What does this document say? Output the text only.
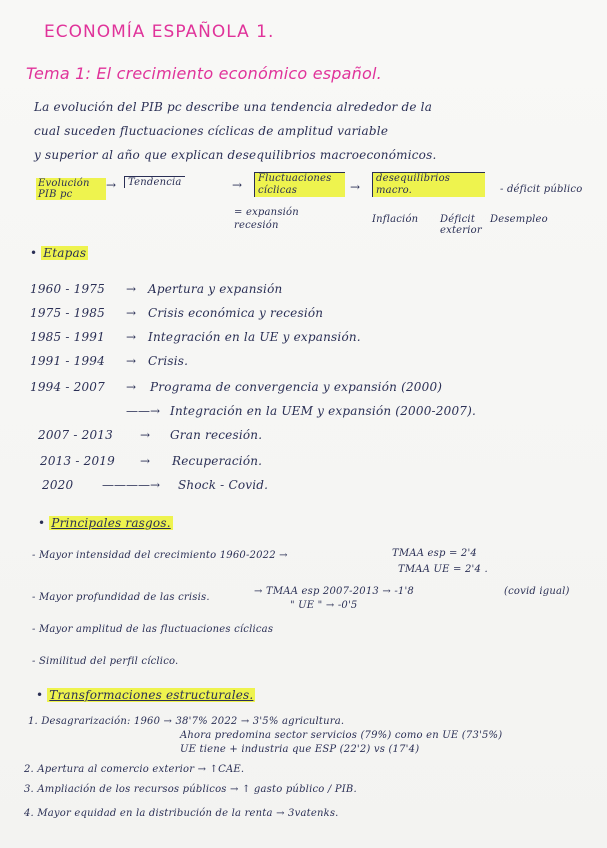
ECONOMÍA ESPAÑOLA 1.
Tema 1: El crecimiento económico español.
La evolución del PIB pc describe una tendencia alrededor de la
cual suceden fluctuaciones cíclicas de amplitud variable
y superior al año que explican desequilibrios macroeconómicos.
Evolución PIB pc
→	Tendencia
= expansión recesión
→	Fluctuaciones cíclicas	→
desequilibrios macro.	- déficit público
Inflación Déficit exterior
Desempleo
• Etapas
1960 - 1975 → Apertura y expansión
1975 - 1985 → Crisis económica y recesión
1985 - 1991 → Integración en la UE y expansión.
1991 - 1994 → Crisis.
1994 - 2007 → Programa de convergencia y expansión (2000)
——→ Integración en la UEM y expansión (2000-2007).
2007 - 2013 → Gran recesión.
2013 - 2019 → Recuperación.
2020 ————→ Shock - Covid.
• Principales rasgos.
- Mayor intensidad del crecimiento 1960-2022 →	TMAA esp = 2'4
TMAA UE = 2'4 .
- Mayor profundidad de las crisis.
→ TMAA esp 2007-2013 → -1'8
" UE " → -0'5
(covid igual)
- Mayor amplitud de las fluctuaciones cíclicas
- Similitud del perfil cíclico.
• Transformaciones estructurales.
1. Desagrarización: 1960 → 38'7% 2022 → 3'5% agricultura.
Ahora predomina sector servicios (79%) como en UE (73'5%)
UE tiene + industria que ESP (22'2) vs (17'4)
2. Apertura al comercio exterior → ↑CAE.
3. Ampliación de los recursos públicos → ↑ gasto público / PIB.
4. Mayor equidad en la distribución de la renta → 3vatenks.
